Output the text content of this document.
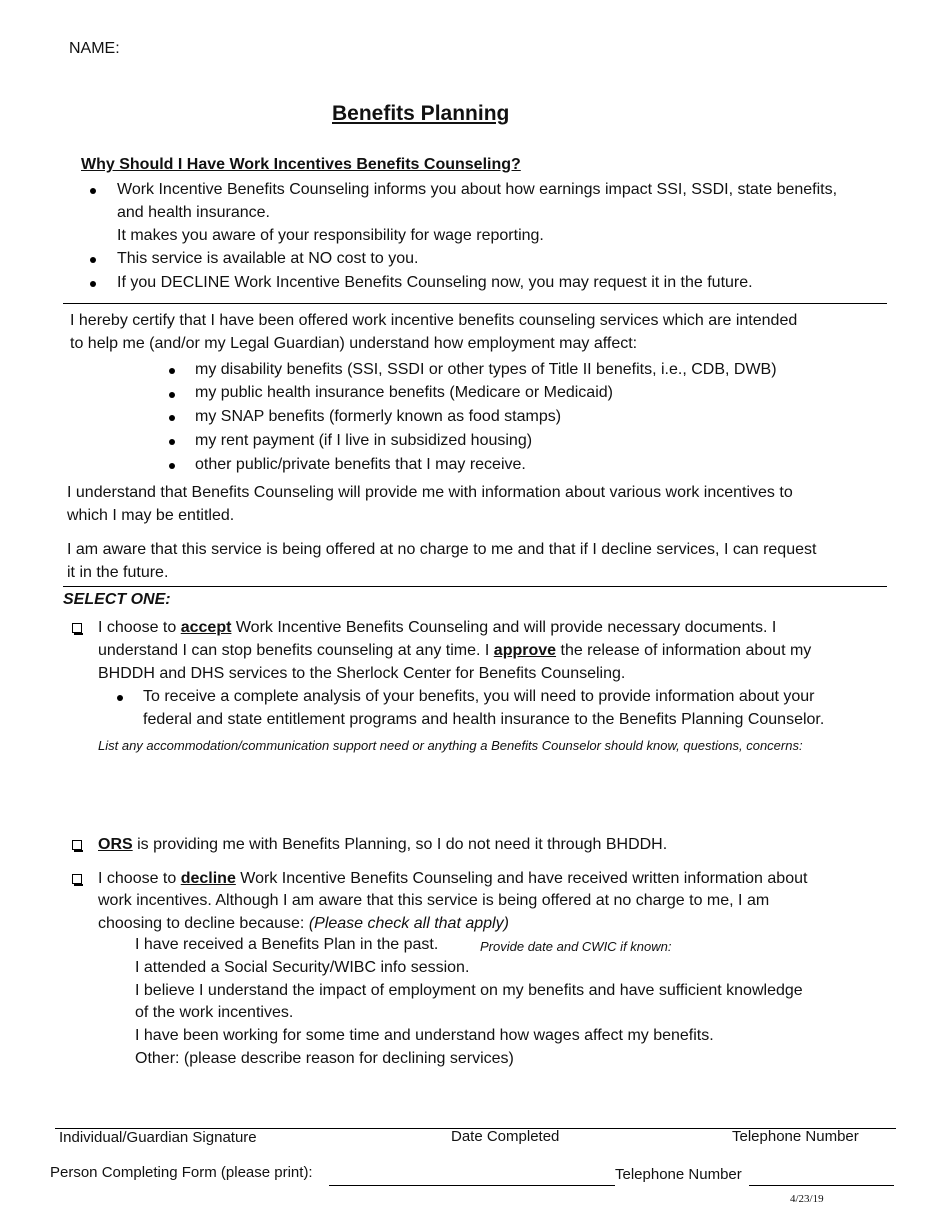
NAME:
Benefits Planning
Why Should I Have Work Incentives Benefits Counseling?
Work Incentive Benefits Counseling informs you about how earnings impact SSI, SSDI, state benefits,
and health insurance.
It makes you aware of your responsibility for wage reporting.
This service is available at NO cost to you.
If you DECLINE Work Incentive Benefits Counseling now, you may request it in the future.
I hereby certify that I have been offered work incentive benefits counseling services which are intended
to help me (and/or my Legal Guardian) understand how employment may affect:
my disability benefits (SSI, SSDI or other types of Title II benefits, i.e., CDB, DWB)
my public health insurance benefits (Medicare or Medicaid)
my SNAP benefits (formerly known as food stamps)
my rent payment (if I live in subsidized housing)
other public/private benefits that I may receive.
I understand that Benefits Counseling will provide me with information about various work incentives to
which I may be entitled.
I am aware that this service is being offered at no charge to me and that if I decline services, I can request
it in the future.
SELECT ONE:
I choose to accept Work Incentive Benefits Counseling and will provide necessary documents. I
understand I can stop benefits counseling at any time. I approve the release of information about my
BHDDH and DHS services to the Sherlock Center for Benefits Counseling.
To receive a complete analysis of your benefits, you will need to provide information about your
federal and state entitlement programs and health insurance to the Benefits Planning Counselor.
List any accommodation/communication support need or anything a Benefits Counselor should know, questions, concerns:
ORS is providing me with Benefits Planning, so I do not need it through BHDDH.
I choose to decline Work Incentive Benefits Counseling and have received written information about
work incentives. Although I am aware that this service is being offered at no charge to me, I am
choosing to decline because: (Please check all that apply)
I have received a Benefits Plan in the past.	Provide date and CWIC if known:
I attended a Social Security/WIBC info session.
I believe I understand the impact of employment on my benefits and have sufficient knowledge
of the work incentives.
I have been working for some time and understand how wages affect my benefits.
Other: (please describe reason for declining services)
Individual/Guardian Signature	Date Completed	Telephone Number
Person Completing Form (please print):	Telephone Number
4/23/19
